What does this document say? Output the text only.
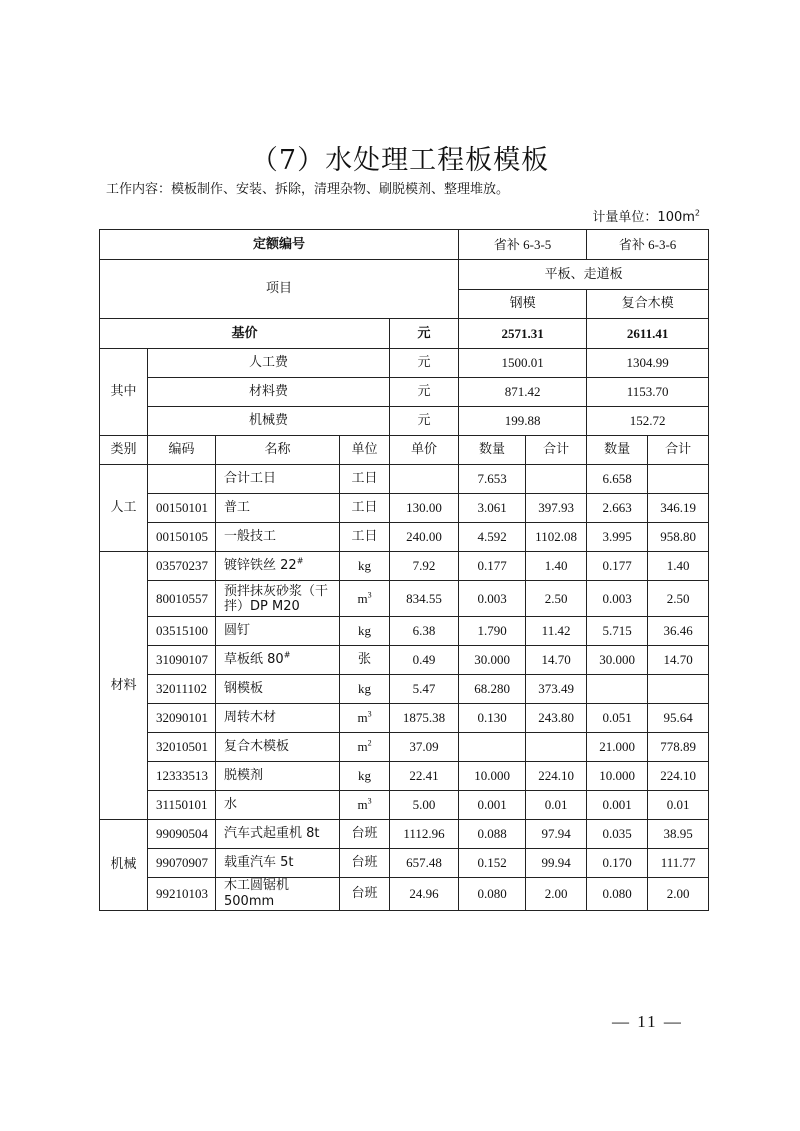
（7）水处理工程板模板
工作内容：模板制作、安装、拆除，清理杂物、刷脱模剂、整理堆放。
计量单位：$100m^2$
定额编号					省补 6-3-5		省补 6-3-6	
项目					平板、走道板			
					钢模		复合木模	
基价				元	2571.31		2611.41	
其中	人工费			元	1500.01		1304.99	
	材料费			元	871.42		1153.70	
	机械费			元	199.88		152.72	
类别	编码	名称	单位	单价	数量	合计	数量	合计
人工		合计工日	工日		7.653		6.658	
	00150101	普工	工日	130.00	3.061	397.93	2.663	346.19
	00150105	一般技工	工日	240.00	4.592	1102.08	3.995	958.80
材料	03570237	镀锌铁丝 22#	kg	7.92	0.177	1.40	0.177	1.40
	80010557	预拌抹灰砂浆（干拌）DP M20	$m^3$	834.55	0.003	2.50	0.003	2.50
	03515100	圆钉	kg	6.38	1.790	11.42	5.715	36.46
	31090107	草板纸 80#	张	0.49	30.000	14.70	30.000	14.70
	32011102	钢模板	kg	5.47	68.280	373.49		
	32090101	周转木材	$m^3$	1875.38	0.130	243.80	0.051	95.64
	32010501	复合木模板	$m^2$	37.09			21.000	778.89
	12333513	脱模剂	kg	22.41	10.000	224.10	10.000	224.10
	31150101	水	$m^3$	5.00	0.001	0.01	0.001	0.01
机械	99090504	汽车式起重机 8t	台班	1112.96	0.088	97.94	0.035	38.95
	99070907	载重汽车 5t	台班	657.48	0.152	99.94	0.170	111.77
	99210103	木工圆锯机 500mm	台班	24.96	0.080	2.00	0.080	2.00
— 11 —
